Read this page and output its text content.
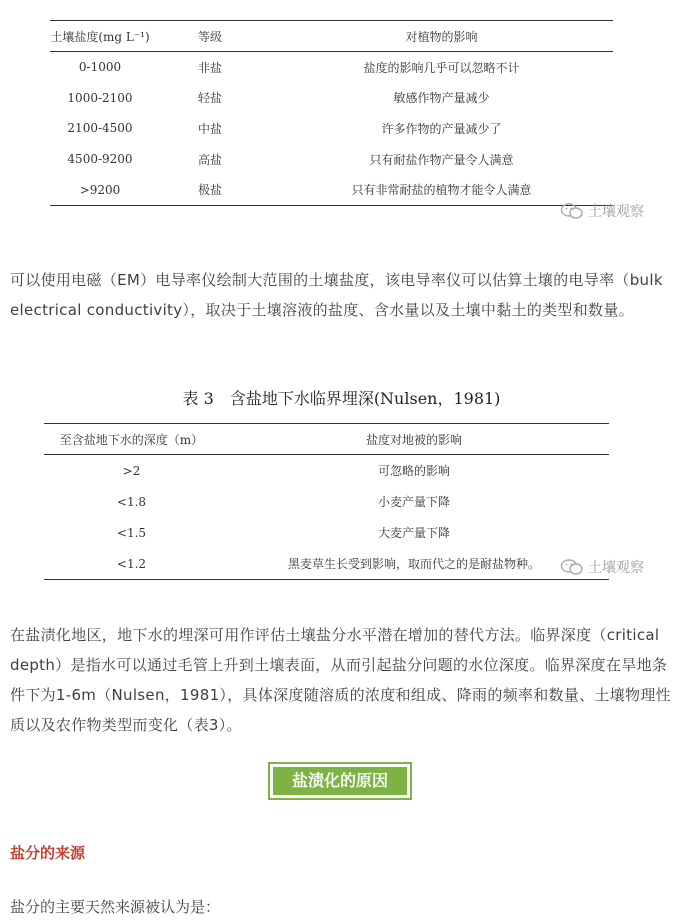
土壤盐度(mg L⁻¹)	等级	对植物的影响
0-1000	非盐	盐度的影响几乎可以忽略不计
1000-2100	轻盐	敏感作物产量减少
2100-4500	中盐	许多作物的产量减少了
4500-9200	高盐	只有耐盐作物产量令人满意
>9200	极盐	只有非常耐盐的植物才能令人满意
土壤观察
可以使用电磁（EM）电导率仪绘制大范围的土壤盐度，该电导率仪可以估算土壤的电导率（bulk electrical conductivity），取决于土壤溶液的盐度、含水量以及土壤中黏土的类型和数量。
表 3　含盐地下水临界埋深(Nulsen，1981)
至含盐地下水的深度（m）	盐度对地被的影响
>2	可忽略的影响
<1.8	小麦产量下降
<1.5	大麦产量下降
<1.2	黑麦草生长受到影响，取而代之的是耐盐物种。	土壤观察
在盐渍化地区，地下水的埋深可用作评估土壤盐分水平潜在增加的替代方法。临界深度（critical depth）是指水可以通过毛管上升到土壤表面，从而引起盐分问题的水位深度。临界深度在旱地条件下为1-6m（Nulsen，1981），具体深度随溶质的浓度和组成、降雨的频率和数量、土壤物理性质以及农作物类型而变化（表3）。
盐渍化的原因
盐分的来源
盐分的主要天然来源被认为是：
